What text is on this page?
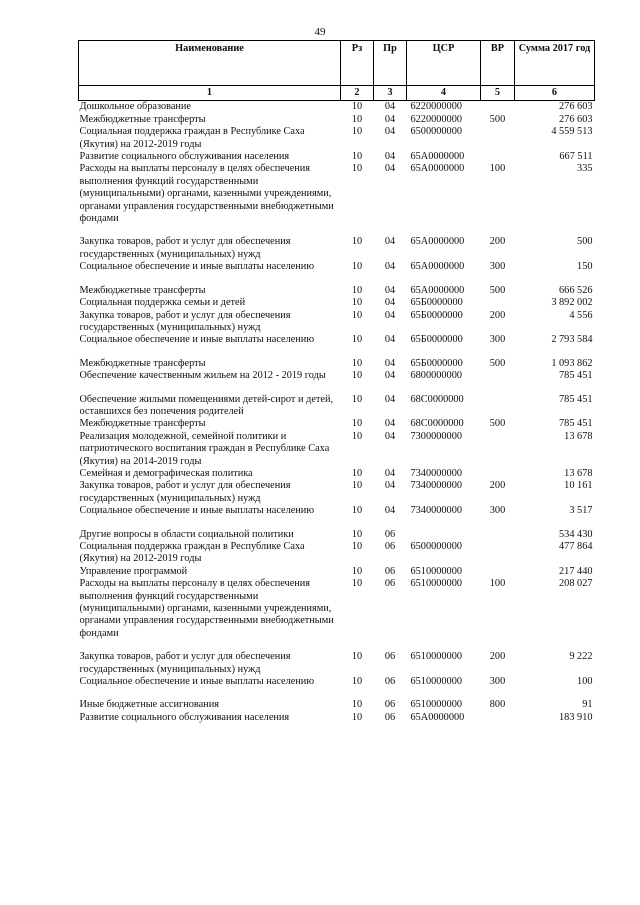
49
Наименование	Рз	Пр	ЦСР	ВР	Сумма 2017 год
1	2	3	4	5	6
Дошкольное образование	10	04	6220000000		276 603
Межбюджетные трансферты	10	04	6220000000	500	276 603
Социальная поддержка граждан в Республике Саха (Якутия) на 2012-2019 годы	10	04	6500000000		4 559 513
Развитие социального обслуживания населения	10	04	65А0000000		667 511
Расходы на выплаты персоналу в целях обеспечения выполнения функций государственными (муниципальными) органами, казенными учреждениями, органами управления государственными внебюджетными фондами	10	04	65А0000000	100	335

Закупка товаров, работ и услуг для обеспечения государственных (муниципальных) нужд	10	04	65А0000000	200	500
Социальное обеспечение и иные выплаты населению	10	04	65А0000000	300	150

Межбюджетные трансферты	10	04	65А0000000	500	666 526
Социальная поддержка семьи и детей	10	04	65Б0000000		3 892 002
Закупка товаров, работ и услуг для обеспечения государственных (муниципальных) нужд	10	04	65Б0000000	200	4 556
Социальное обеспечение и иные выплаты населению	10	04	65Б0000000	300	2 793 584

Межбюджетные трансферты	10	04	65Б0000000	500	1 093 862
Обеспечение качественным жильем на 2012 - 2019 годы	10	04	6800000000		785 451

Обеспечение жилыми помещениями детей-сирот и детей, оставшихся без попечения родителей	10	04	68С0000000		785 451
Межбюджетные трансферты	10	04	68С0000000	500	785 451
Реализация молодежной, семейной политики и патриотического воспитания граждан в Республике Саха (Якутия) на 2014-2019 годы	10	04	7300000000		13 678
Семейная и демографическая политика	10	04	7340000000		13 678
Закупка товаров, работ и услуг для обеспечения государственных (муниципальных) нужд	10	04	7340000000	200	10 161
Социальное обеспечение и иные выплаты населению	10	04	7340000000	300	3 517

Другие вопросы в области социальной политики	10	06			534 430
Социальная поддержка граждан в Республике Саха (Якутия) на 2012-2019 годы	10	06	6500000000		477 864
Управление программой	10	06	6510000000		217 440
Расходы на выплаты персоналу в целях обеспечения выполнения функций государственными (муниципальными) органами, казенными учреждениями, органами управления государственными внебюджетными фондами	10	06	6510000000	100	208 027

Закупка товаров, работ и услуг для обеспечения государственных (муниципальных) нужд	10	06	6510000000	200	9 222
Социальное обеспечение и иные выплаты населению	10	06	6510000000	300	100

Иные бюджетные ассигнования	10	06	6510000000	800	91
Развитие социального обслуживания населения	10	06	65А0000000		183 910
